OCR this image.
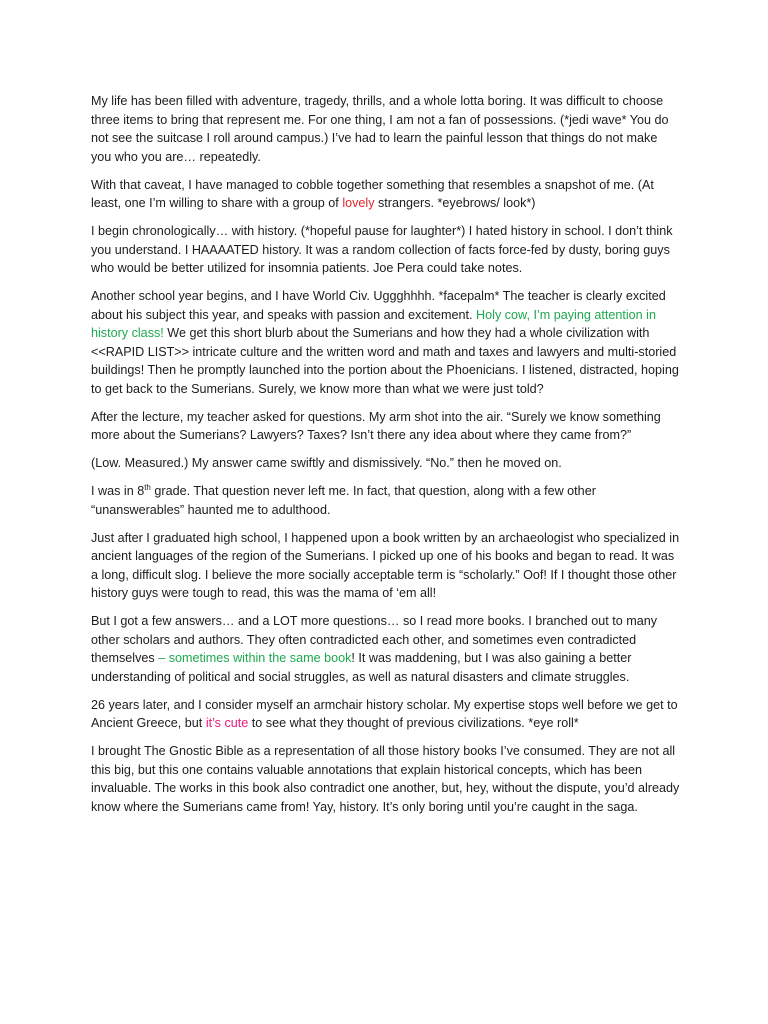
My life has been filled with adventure, tragedy, thrills, and a whole lotta boring. It was difficult to choose three items to bring that represent me. For one thing, I am not a fan of possessions. (*jedi wave* You do not see the suitcase I roll around campus.) I’ve had to learn the painful lesson that things do not make you who you are… repeatedly.

With that caveat, I have managed to cobble together something that resembles a snapshot of me. (At least, one I’m willing to share with a group of lovely strangers. *eyebrows/ look*)

I begin chronologically… with history. (*hopeful pause for laughter*) I hated history in school. I don’t think you understand. I HAAAATED history. It was a random collection of facts force-fed by dusty, boring guys who would be better utilized for insomnia patients. Joe Pera could take notes.

Another school year begins, and I have World Civ. Uggghhhh. *facepalm* The teacher is clearly excited about his subject this year, and speaks with passion and excitement. Holy cow, I’m paying attention in history class! We get this short blurb about the Sumerians and how they had a whole civilization with <<RAPID LIST>> intricate culture and the written word and math and taxes and lawyers and multi-storied buildings! Then he promptly launched into the portion about the Phoenicians. I listened, distracted, hoping to get back to the Sumerians. Surely, we know more than what we were just told?

After the lecture, my teacher asked for questions. My arm shot into the air. “Surely we know something more about the Sumerians? Lawyers? Taxes? Isn’t there any idea about where they came from?”

(Low. Measured.) My answer came swiftly and dismissively. “No.” then he moved on.

I was in 8th grade. That question never left me. In fact, that question, along with a few other “unanswerables” haunted me to adulthood.

Just after I graduated high school, I happened upon a book written by an archaeologist who specialized in ancient languages of the region of the Sumerians. I picked up one of his books and began to read. It was a long, difficult slog. I believe the more socially acceptable term is “scholarly.” Oof! If I thought those other history guys were tough to read, this was the mama of ‘em all!

But I got a few answers… and a LOT more questions… so I read more books. I branched out to many other scholars and authors. They often contradicted each other, and sometimes even contradicted themselves – sometimes within the same book! It was maddening, but I was also gaining a better understanding of political and social struggles, as well as natural disasters and climate struggles.

26 years later, and I consider myself an armchair history scholar. My expertise stops well before we get to Ancient Greece, but it’s cute to see what they thought of previous civilizations. *eye roll*

I brought The Gnostic Bible as a representation of all those history books I’ve consumed. They are not all this big, but this one contains valuable annotations that explain historical concepts, which has been invaluable. The works in this book also contradict one another, but, hey, without the dispute, you’d already know where the Sumerians came from! Yay, history. It’s only boring until you’re caught in the saga.
